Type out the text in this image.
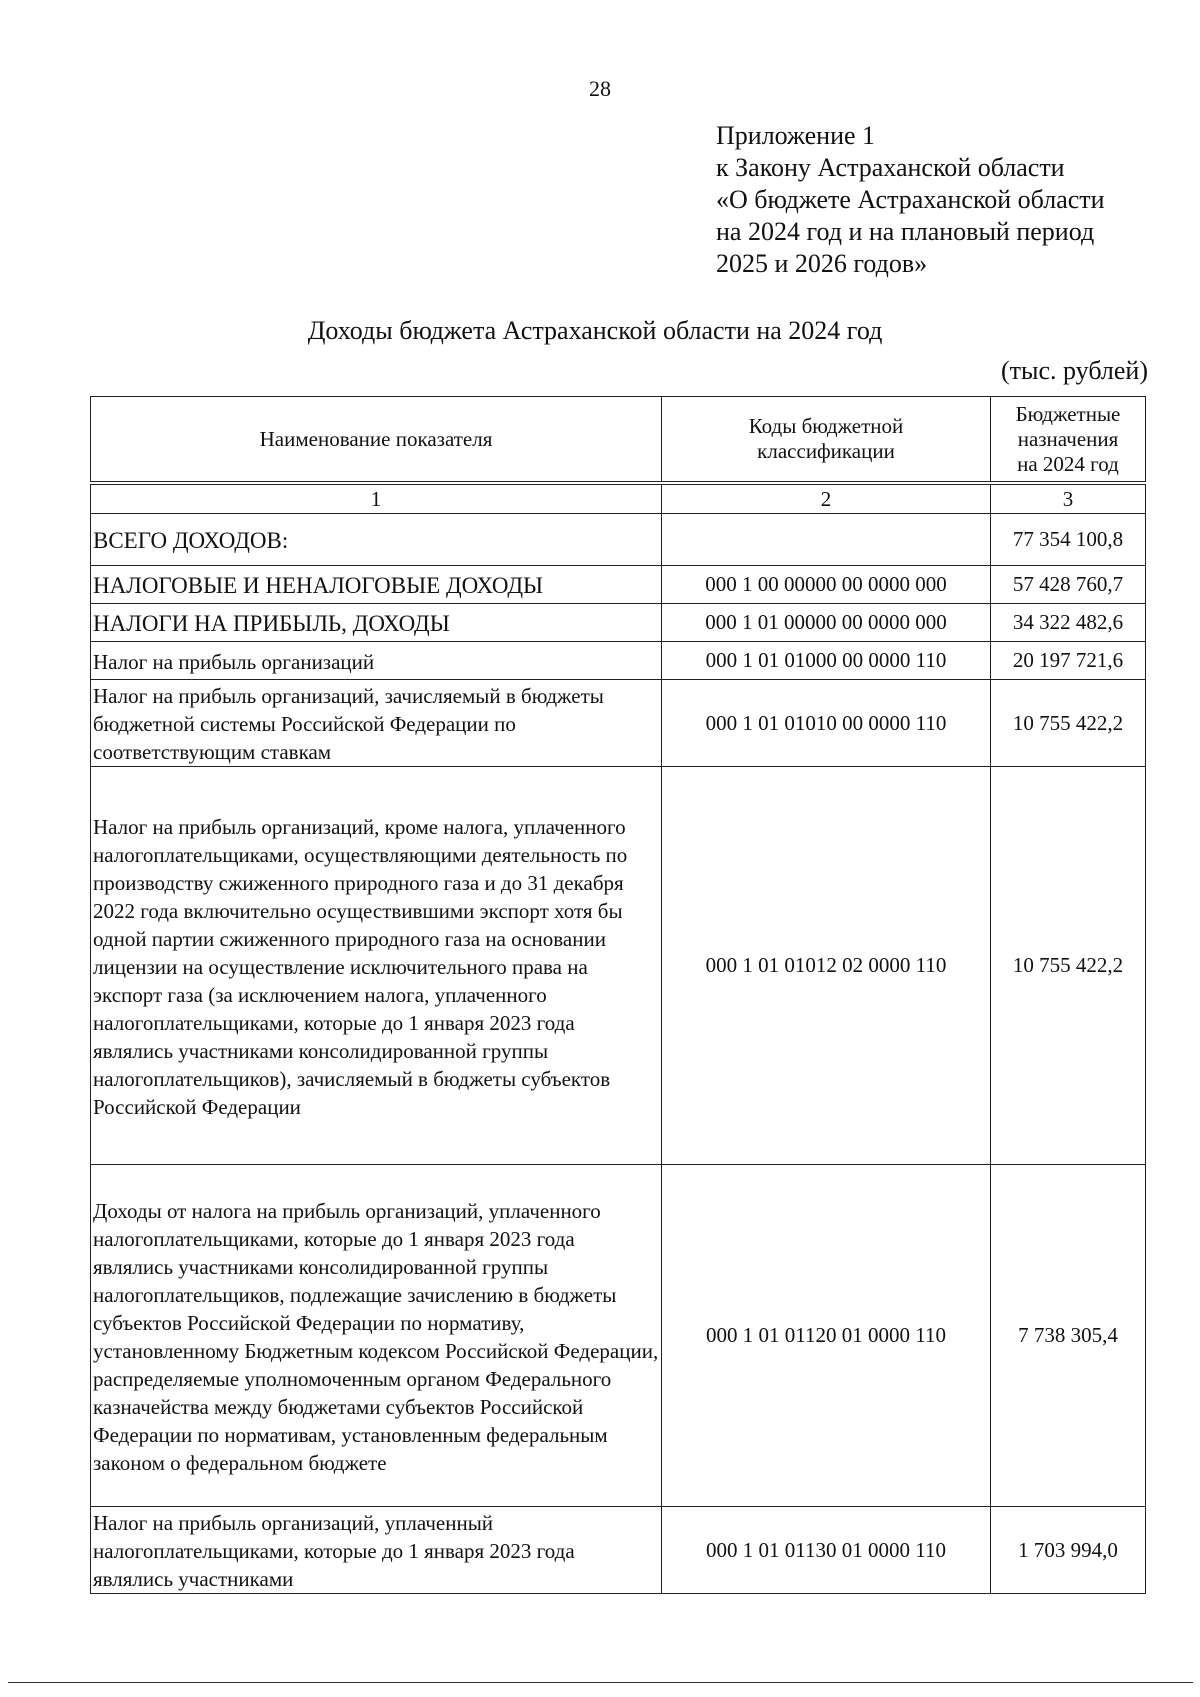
28
Приложение 1
к Закону Астраханской области
«О бюджете Астраханской области
на 2024 год и на плановый период
2025 и 2026 годов»
Доходы бюджета Астраханской области на 2024 год
(тыс. рублей)
Наименование показателя	Коды бюджетной классификации	Бюджетные назначения на 2024 год
1	2	3
ВСЕГО ДОХОДОВ:		77 354 100,8
НАЛОГОВЫЕ И НЕНАЛОГОВЫЕ ДОХОДЫ	000 1 00 00000 00 0000 000	57 428 760,7
НАЛОГИ НА ПРИБЫЛЬ, ДОХОДЫ	000 1 01 00000 00 0000 000	34 322 482,6
Налог на прибыль организаций	000 1 01 01000 00 0000 110	20 197 721,6
Налог на прибыль организаций, зачисляемый в бюджеты бюджетной системы Российской Федерации по соответствующим ставкам	000 1 01 01010 00 0000 110	10 755 422,2
Налог на прибыль организаций, кроме налога, уплаченного налогоплательщиками, осуществляющими деятельность по производству сжиженного природного газа и до 31 декабря 2022 года включительно осуществившими экспорт хотя бы одной партии сжиженного природного газа на основании лицензии на осуществление исключительного права на экспорт газа (за исключением налога, уплаченного налогоплательщиками, которые до 1 января 2023 года являлись участниками консолидированной группы налогоплательщиков), зачисляемый в бюджеты субъектов Российской Федерации	000 1 01 01012 02 0000 110	10 755 422,2
Доходы от налога на прибыль организаций, уплаченного налогоплательщиками, которые до 1 января 2023 года являлись участниками консолидированной группы налогоплательщиков, подлежащие зачислению в бюджеты субъектов Российской Федерации по нормативу, установленному Бюджетным кодексом Российской Федерации, распределяемые уполномоченным органом Федерального казначейства между бюджетами субъектов Российской Федерации по нормативам, установленным федеральным законом о федеральном бюджете	000 1 01 01120 01 0000 110	7 738 305,4
Налог на прибыль организаций, уплаченный налогоплательщиками, которые до 1 января 2023 года являлись участниками	000 1 01 01130 01 0000 110	1 703 994,0
